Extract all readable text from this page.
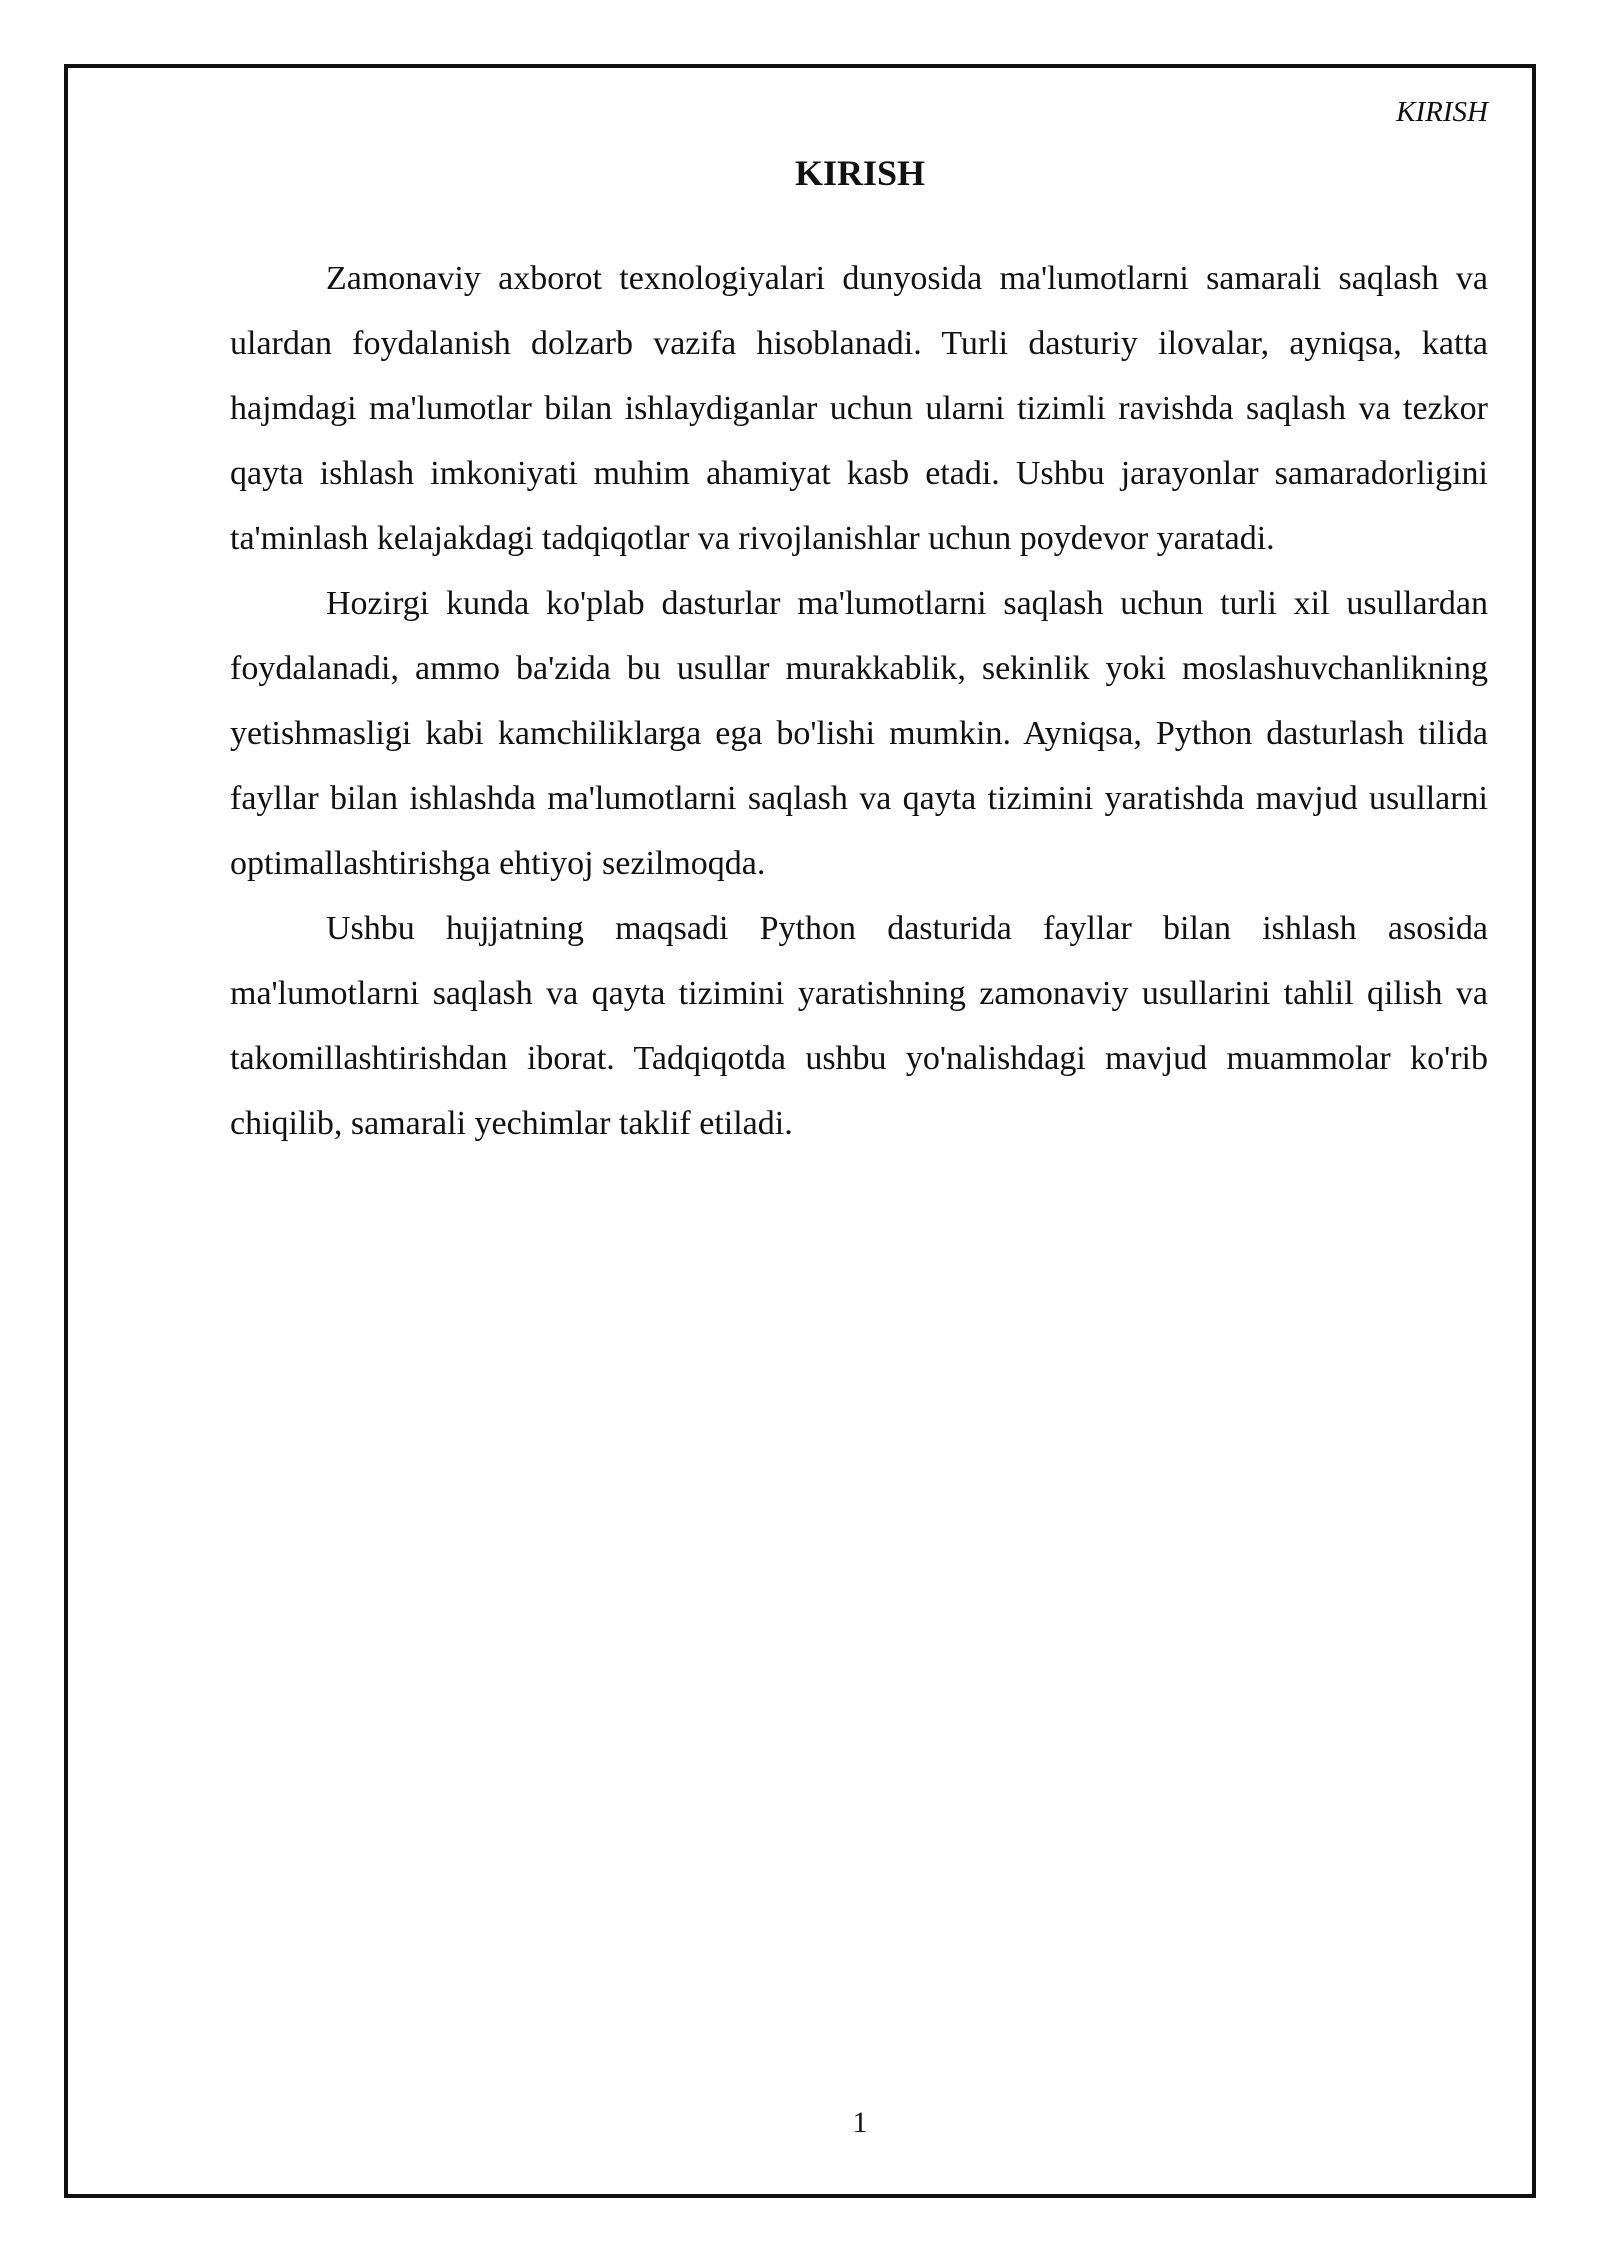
KIRISH
KIRISH

Zamonaviy axborot texnologiyalari dunyosida ma'lumotlarni samarali saqlash va ulardan foydalanish dolzarb vazifa hisoblanadi. Turli dasturiy ilovalar, ayniqsa, katta hajmdagi ma'lumotlar bilan ishlaydiganlar uchun ularni tizimli ravishda saqlash va tezkor qayta ishlash imkoniyati muhim ahamiyat kasb etadi. Ushbu jarayonlar samaradorligini ta'minlash kelajakdagi tadqiqotlar va rivojlanishlar uchun poydevor yaratadi.

Hozirgi kunda ko'plab dasturlar ma'lumotlarni saqlash uchun turli xil usullardan foydalanadi, ammo ba'zida bu usullar murakkablik, sekinlik yoki moslashuvchanlikning yetishmasligi kabi kamchiliklarga ega bo'lishi mumkin. Ayniqsa, Python dasturlash tilida fayllar bilan ishlashda ma'lumotlarni saqlash va qayta tizimini yaratishda mavjud usullarni optimallashtirishga ehtiyoj sezilmoqda.

Ushbu hujjatning maqsadi Python dasturida fayllar bilan ishlash asosida ma'lumotlarni saqlash va qayta tizimini yaratishning zamonaviy usullarini tahlil qilish va takomillashtirishdan iborat. Tadqiqotda ushbu yo'nalishdagi mavjud muammolar ko'rib chiqilib, samarali yechimlar taklif etiladi.

1
